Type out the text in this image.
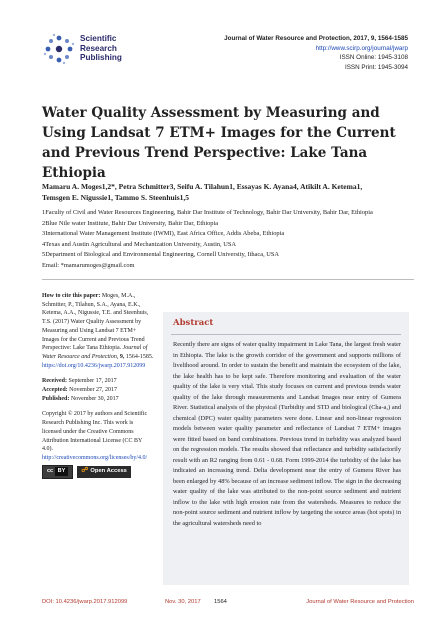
Scientific
Research
Publishing
Journal of Water Resource and Protection, 2017, 9, 1564-1585
http://www.scirp.org/journal/jwarp
ISSN Online: 1945-3108
ISSN Print: 1945-3094
Water Quality Assessment by Measuring and Using Landsat 7 ETM+ Images for the Current and Previous Trend Perspective: Lake Tana Ethiopia
Mamaru A. Moges1,2*, Petra Schmitter3, Seifu A. Tilahun1, Essayas K. Ayana4, Atikilt A. Ketema1,
Temsgen E. Nigussie1, Tammo S. Steenhuis1,5
1Faculty of Civil and Water Resources Engineering, Bahir Dar Institute of Technology, Bahir Dar University, Bahir Dar, Ethiopia
2Blue Nile water Institute, Bahir Dar University, Bahir Dar, Ethiopia
3International Water Management Institute (IWMI), East Africa Office, Addis Abeba, Ethiopia
4Texas and Austin Agricultural and Mechanization University, Austin, USA
5Department of Biological and Environmental Engineering, Cornell University, Ithaca, USA
Email: *mamarumoges@gmail.com

How to cite this paper: Moges, M.A., Schmitter, P., Tilahun, S.A., Ayana, E.K., Ketema, A.A., Nigussie, T.E. and Steenhuis, T.S. (2017) Water Quality Assessment by Measuring and Using Landsat 7 ETM+ Images for the Current and Previous Trend Perspective: Lake Tana Ethiopia. Journal of Water Resource and Protection, 9, 1564-1585. https://doi.org/10.4236/jwarp.2017.912099

Received: September 17, 2017
Accepted: November 27, 2017
Published: November 30, 2017

Copyright © 2017 by authors and Scientific Research Publishing Inc. This work is licensed under the Creative Commons Attribution International License (CC BY 4.0).

http://creativecommons.org/licenses/by/4.0/
cc
BY	☍ Open Access
Abstract
Recently there are signs of water quality impairment in Lake Tana, the largest fresh water in Ethiopia. The lake is the growth corridor of the government and supports millions of livelihood around. In order to sustain the benefit and maintain the ecosystem of the lake, the lake health has to be kept safe. Therefore monitoring and evaluation of the water quality of the lake is very vital. This study focuses on current and previous trends water quality of the lake through measurements and Landsat Images near entry of Gumera River. Statistical analysis of the physical (Turbidity and STD and biological (Cha-a,) and chemical (DPC) water quality parameters were done. Linear and non-linear regression models between water quality parameter and reflectance of Landsat 7 ETM+ images were fitted based on band combinations. Previous trend in turbidity was analyzed based on the regression models. The results showed that reflectance and turbidity satisfactorily result with an R2 ranging from 0.61 - 0.68. Form 1999-2014 the turbidity of the lake has indicated an increasing trend. Delta development near the entry of Gumera River has been enlarged by 48% because of an increase sediment inflow. The sign in the decreasing water quality of the lake was attributed to the non-point source sediment and nutrient inflow to the lake with high erosion rate from the watersheds. Measures to reduce the non-point source sediment and nutrient inflow by targeting the source areas (hot spots) in the agricultural watersheds need to
DOI: 10.4236/jwarp.2017.912099	Nov. 30, 2017 1564	Journal of Water Resource and Protection
